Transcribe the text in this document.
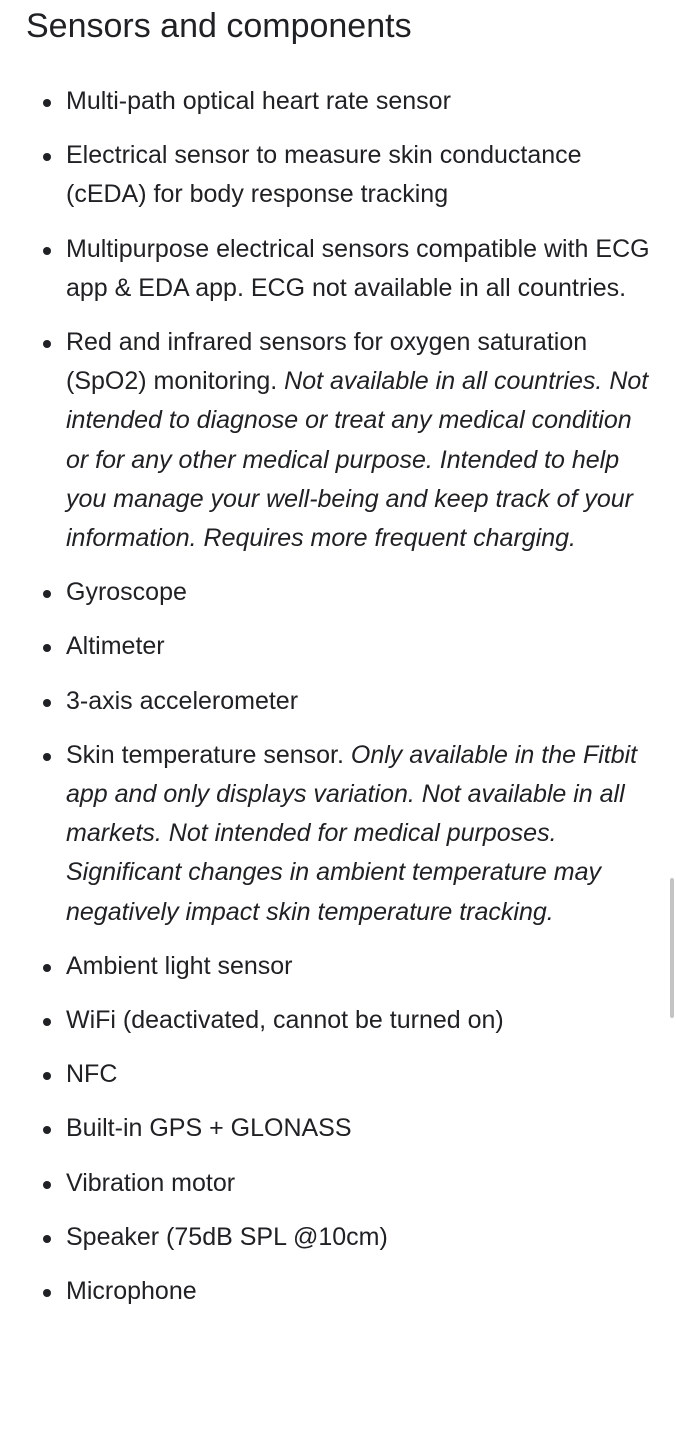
Sensors and components
Multi-path optical heart rate sensor
Electrical sensor to measure skin conductance (cEDA) for body response tracking
Multipurpose electrical sensors compatible with ECG app & EDA app. ECG not available in all countries.
Red and infrared sensors for oxygen saturation (SpO2) monitoring. Not available in all countries. Not intended to diagnose or treat any medical condition or for any other medical purpose. Intended to help you manage your well-being and keep track of your information. Requires more frequent charging.
Gyroscope
Altimeter
3-axis accelerometer
Skin temperature sensor. Only available in the Fitbit app and only displays variation. Not available in all markets. Not intended for medical purposes. Significant changes in ambient temperature may negatively impact skin temperature tracking.
Ambient light sensor
WiFi (deactivated, cannot be turned on)
NFC
Built-in GPS + GLONASS
Vibration motor
Speaker (75dB SPL @10cm)
Microphone
